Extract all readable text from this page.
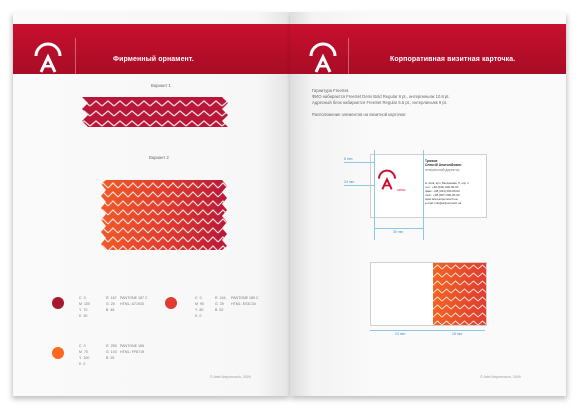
Фирменный орнамент.
Вариант 1
Вариант 2
C  0
M  100
Y  70
K  30
R  167
G  25
B  48
PANTONE 187 C
HTML: A71930
C  0
M  90
Y  80
K  0
R  244
G  39
B  52
PANTONE 185 C
HTML: E03C34
C  0
M  70
Y  100
K  0
R  255
G  103
B  25
PANTONE 165
HTML: FF6719
© Artel Artpomosch, 2009
Корпоративная визитная карточка.
Гарнитура FreeSet.
ФИО набирается FreeSet Demi Bold Regular 8 pt., интерлиньяж 10.8 pt.
Адресный блок набирается FreeSet Regular 6.5 pt., интерлиньяж 9 pt.
Расположение элементов на визитной карточке:
ARTEL
Трюхов
Олексій Анатолійович
генеральний директор
м. Київ, вул. Мечникова, 5, оф. 1
тел.: +38 (044) 000-00-00
факс: +38 (044) 000-00-00
mob.: +38 (067) 000-00-00
www.artel-artpomosch.ua
e-mail: info@artpomosch.ua
8 mm
24 mm
30 mm
24 mm	18 mm
© Artel Artpomosch, 2009
